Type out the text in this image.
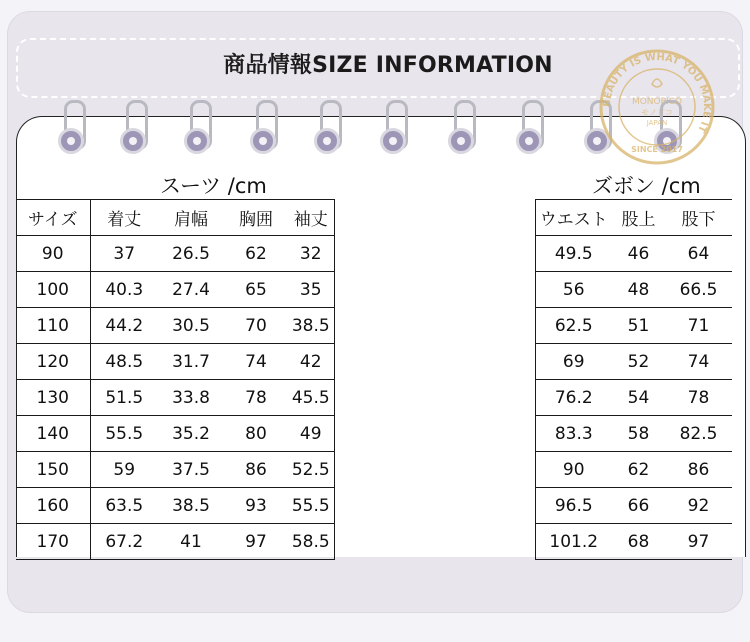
商品情報SIZE INFORMATION
スーツ /cm	ズボン /cm
サイズ	着丈	肩幅	胸囲	袖丈
90	37	26.5	62	32
100	40.3	27.4	65	35
110	44.2	30.5	70	38.5
120	48.5	31.7	74	42
130	51.5	33.8	78	45.5
140	55.5	35.2	80	49
150	59	37.5	86	52.5
160	63.5	38.5	93	55.5
170	67.2	41	97	58.5
ウエスト	股上	股下
49.5	46	64
56	48	66.5
62.5	51	71
69	52	74
76.2	54	78
83.3	58	82.5
90	62	86
96.5	66	92
101.2	68	97
BEAUTY IS WHAT YOU MAKE IT
MONOPICO
モノピコ
JAPAN
SINCE 2017
